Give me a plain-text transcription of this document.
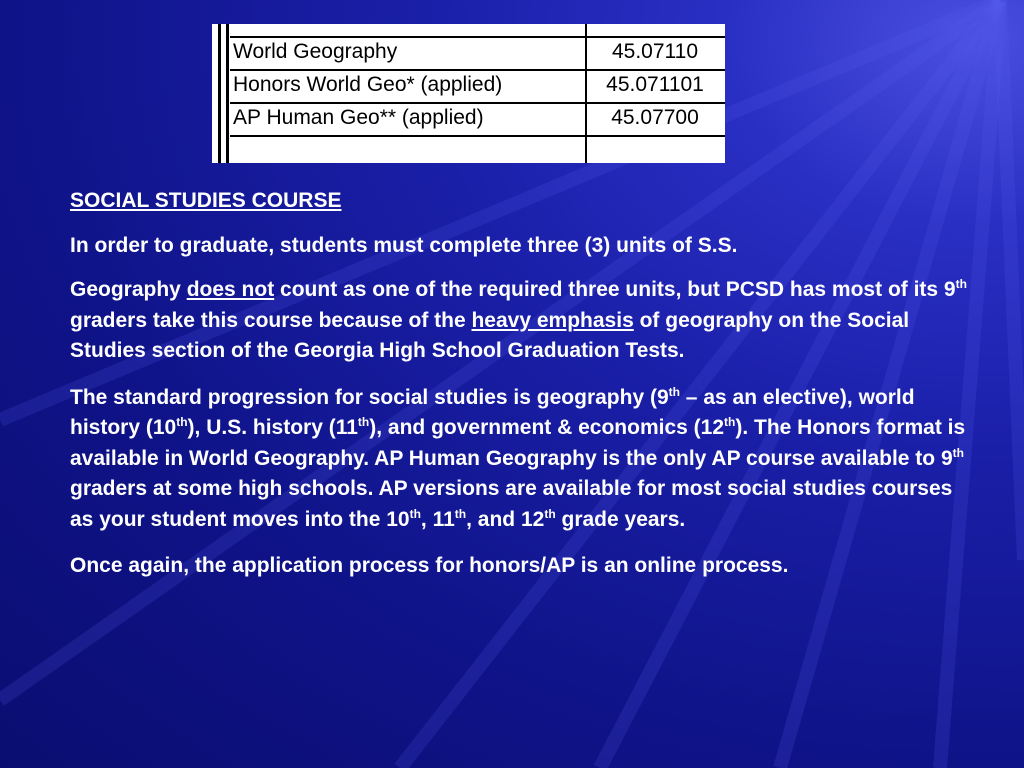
World Geography	45.07110
Honors World Geo* (applied)	45.071101
AP Human Geo** (applied)	45.07700

SOCIAL STUDIES COURSE

In order to graduate, students must complete three (3) units of S.S.

Geography does not count as one of the required three units, but PCSD has most of its 9th graders take this course because of the heavy emphasis of geography on the Social Studies section of the Georgia High School Graduation Tests.

The standard progression for social studies is geography (9th – as an elective), world history (10th), U.S. history (11th), and government & economics (12th). The Honors format is available in World Geography. AP Human Geography is the only AP course available to 9th graders at some high schools. AP versions are available for most social studies courses as your student moves into the 10th, 11th, and 12th grade years.

Once again, the application process for honors/AP is an online process.
